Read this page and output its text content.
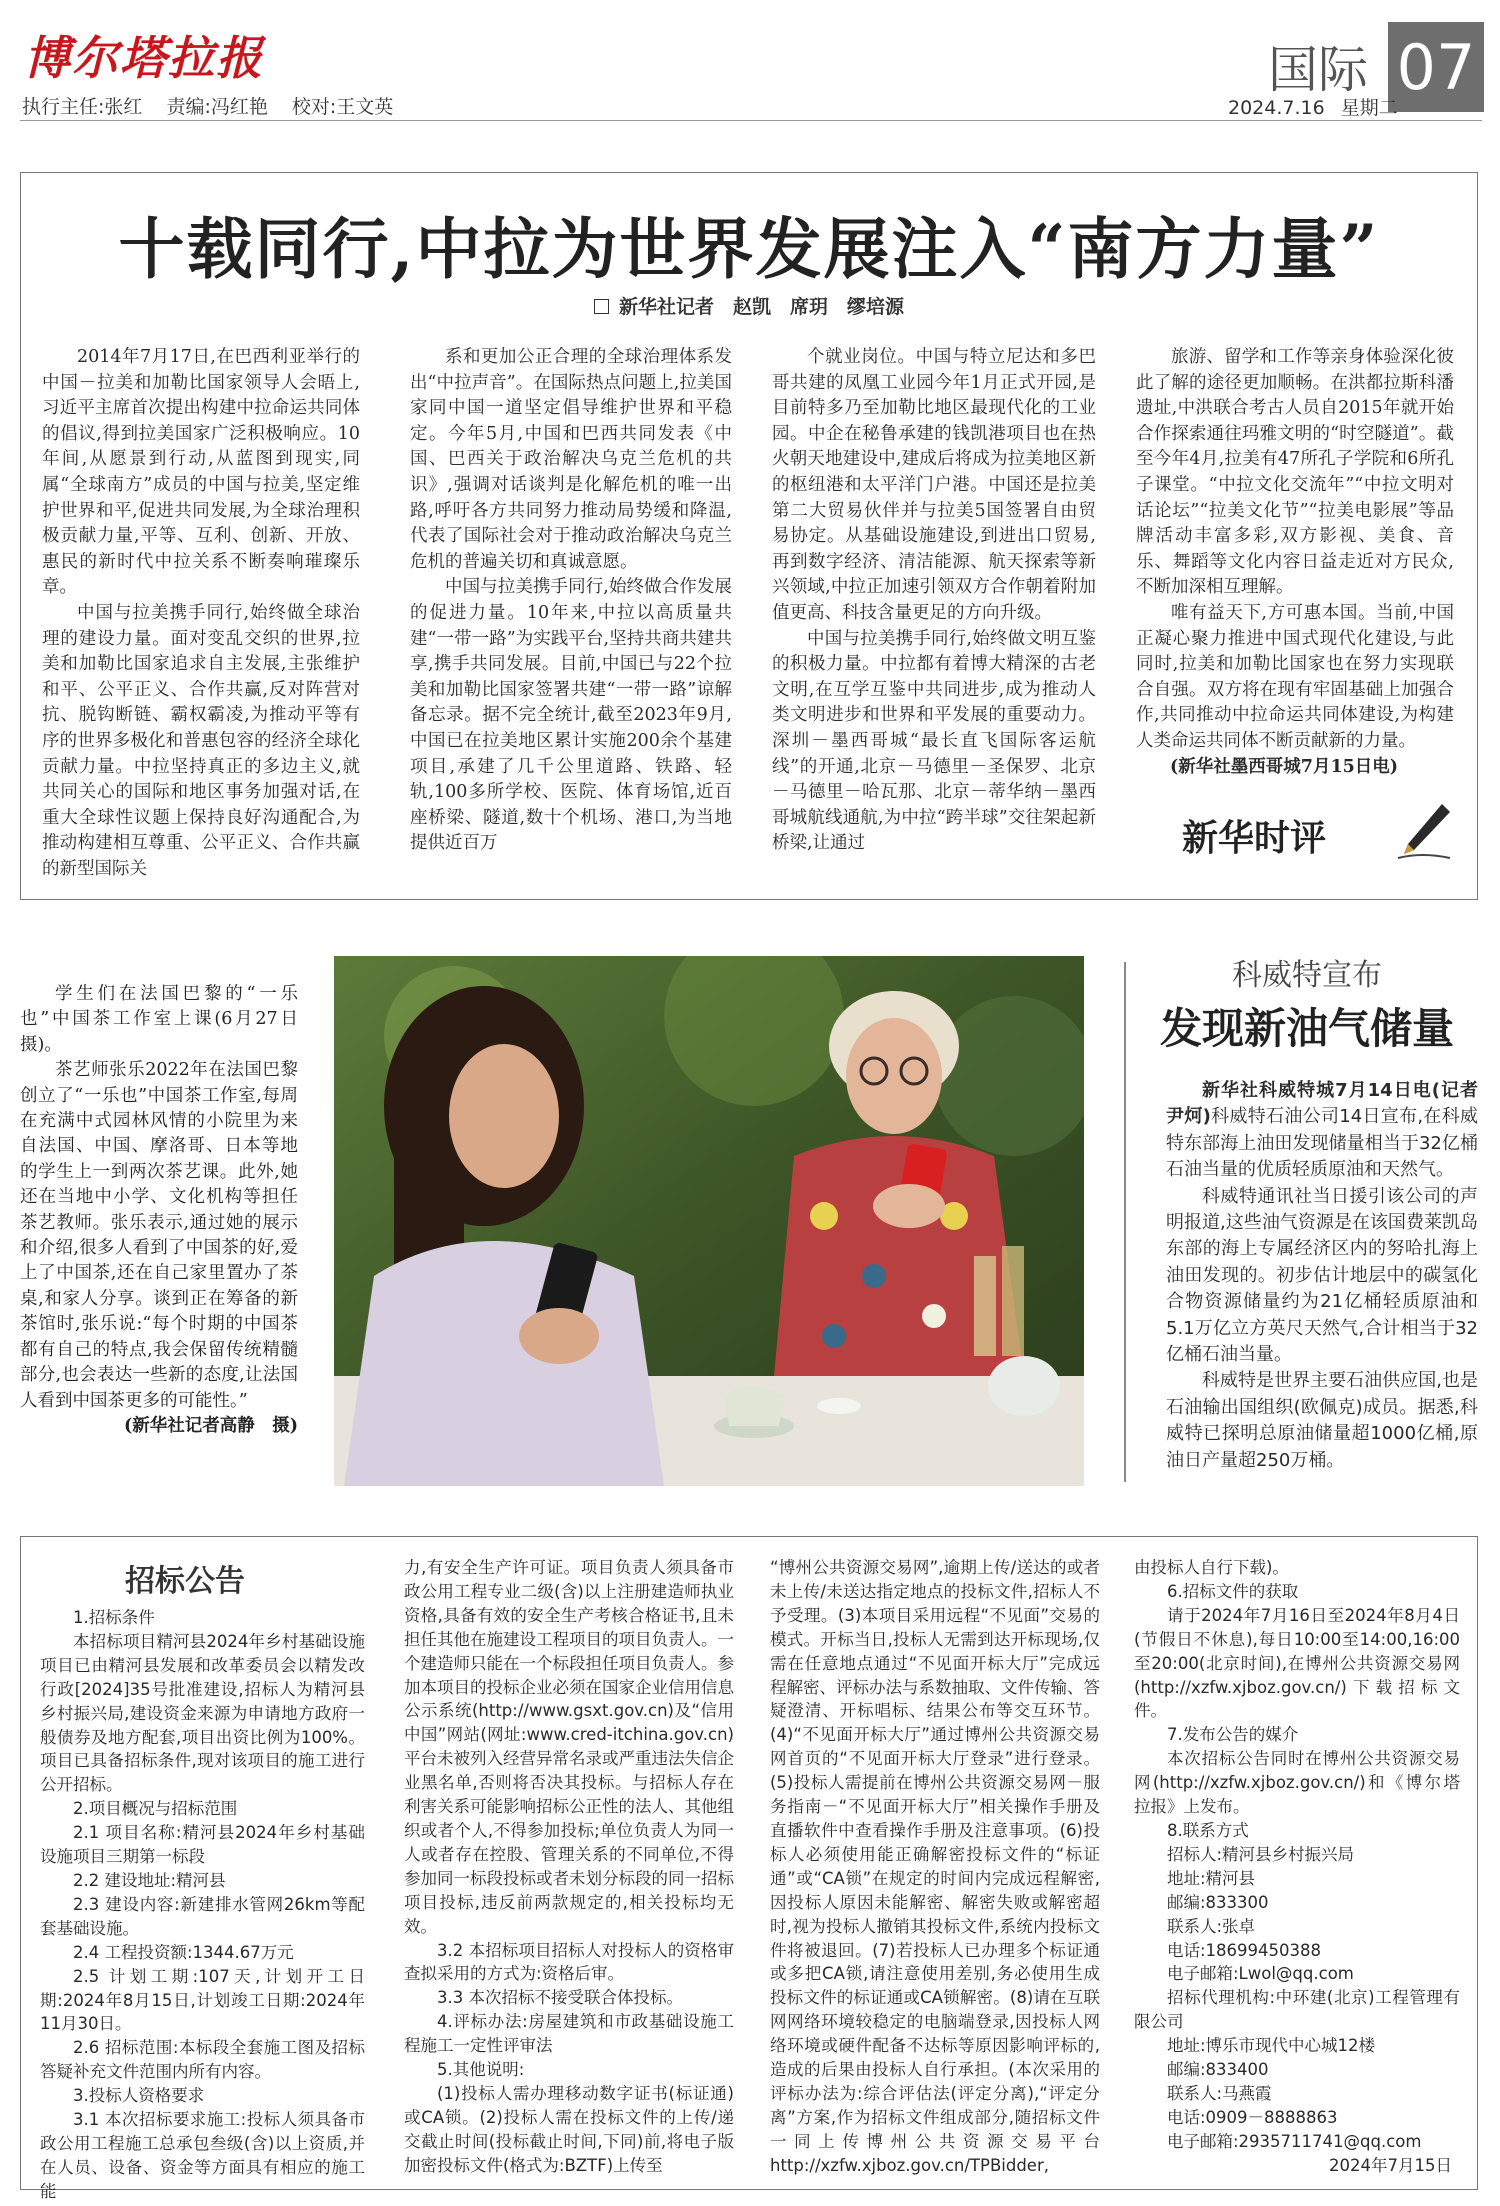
博尔塔拉报
执行主任:张红 责编:冯红艳 校对:王文英
国际 07
2024.7.16 星期二
十载同行,中拉为世界发展注入“南方力量”
新华社记者　赵凯　席玥　缪培源

2014年7月17日,在巴西利亚举行的中国－拉美和加勒比国家领导人会晤上,习近平主席首次提出构建中拉命运共同体的倡议,得到拉美国家广泛积极响应。10年间,从愿景到行动,从蓝图到现实,同属“全球南方”成员的中国与拉美,坚定维护世界和平,促进共同发展,为全球治理积极贡献力量,平等、互利、创新、开放、惠民的新时代中拉关系不断奏响璀璨乐章。

中国与拉美携手同行,始终做全球治理的建设力量。面对变乱交织的世界,拉美和加勒比国家追求自主发展,主张维护和平、公平正义、合作共赢,反对阵营对抗、脱钩断链、霸权霸凌,为推动平等有序的世界多极化和普惠包容的经济全球化贡献力量。中拉坚持真正的多边主义,就共同关心的国际和地区事务加强对话,在重大全球性议题上保持良好沟通配合,为推动构建相互尊重、公平正义、合作共赢的新型国际关

系和更加公正合理的全球治理体系发出“中拉声音”。在国际热点问题上,拉美国家同中国一道坚定倡导维护世界和平稳定。今年5月,中国和巴西共同发表《中国、巴西关于政治解决乌克兰危机的共识》,强调对话谈判是化解危机的唯一出路,呼吁各方共同努力推动局势缓和降温,代表了国际社会对于推动政治解决乌克兰危机的普遍关切和真诚意愿。

中国与拉美携手同行,始终做合作发展的促进力量。10年来,中拉以高质量共建“一带一路”为实践平台,坚持共商共建共享,携手共同发展。目前,中国已与22个拉美和加勒比国家签署共建“一带一路”谅解备忘录。据不完全统计,截至2023年9月,中国已在拉美地区累计实施200余个基建项目,承建了几千公里道路、铁路、轻轨,100多所学校、医院、体育场馆,近百座桥梁、隧道,数十个机场、港口,为当地提供近百万

个就业岗位。中国与特立尼达和多巴哥共建的凤凰工业园今年1月正式开园,是目前特多乃至加勒比地区最现代化的工业园。中企在秘鲁承建的钱凯港项目也在热火朝天地建设中,建成后将成为拉美地区新的枢纽港和太平洋门户港。中国还是拉美第二大贸易伙伴并与拉美5国签署自由贸易协定。从基础设施建设,到进出口贸易,再到数字经济、清洁能源、航天探索等新兴领域,中拉正加速引领双方合作朝着附加值更高、科技含量更足的方向升级。

中国与拉美携手同行,始终做文明互鉴的积极力量。中拉都有着博大精深的古老文明,在互学互鉴中共同进步,成为推动人类文明进步和世界和平发展的重要动力。深圳－墨西哥城“最长直飞国际客运航线”的开通,北京－马德里－圣保罗、北京－马德里－哈瓦那、北京－蒂华纳－墨西哥城航线通航,为中拉“跨半球”交往架起新桥梁,让通过

旅游、留学和工作等亲身体验深化彼此了解的途径更加顺畅。在洪都拉斯科潘遗址,中洪联合考古人员自2015年就开始合作探索通往玛雅文明的“时空隧道”。截至今年4月,拉美有47所孔子学院和6所孔子课堂。“中拉文化交流年”“中拉文明对话论坛”“拉美文化节”“拉美电影展”等品牌活动丰富多彩,双方影视、美食、音乐、舞蹈等文化内容日益走近对方民众,不断加深相互理解。

唯有益天下,方可惠本国。当前,中国正凝心聚力推进中国式现代化建设,与此同时,拉美和加勒比国家也在努力实现联合自强。双方将在现有牢固基础上加强合作,共同推动中拉命运共同体建设,为构建人类命运共同体不断贡献新的力量。

(新华社墨西哥城7月15日电)

新华时评

学生们在法国巴黎的“一乐也”中国茶工作室上课(6月27日摄)。

茶艺师张乐2022年在法国巴黎创立了“一乐也”中国茶工作室,每周在充满中式园林风情的小院里为来自法国、中国、摩洛哥、日本等地的学生上一到两次茶艺课。此外,她还在当地中小学、文化机构等担任茶艺教师。张乐表示,通过她的展示和介绍,很多人看到了中国茶的好,爱上了中国茶,还在自己家里置办了茶桌,和家人分享。谈到正在筹备的新茶馆时,张乐说:“每个时期的中国茶都有自己的特点,我会保留传统精髓部分,也会表达一些新的态度,让法国人看到中国茶更多的可能性。”

(新华社记者高静　摄)

科威特宣布
发现新油气储量

新华社科威特城7月14日电(记者尹炣)科威特石油公司14日宣布,在科威特东部海上油田发现储量相当于32亿桶石油当量的优质轻质原油和天然气。

科威特通讯社当日援引该公司的声明报道,这些油气资源是在该国费莱凯岛东部的海上专属经济区内的努哈扎海上油田发现的。初步估计地层中的碳氢化合物资源储量约为21亿桶轻质原油和5.1万亿立方英尺天然气,合计相当于32亿桶石油当量。

科威特是世界主要石油供应国,也是石油输出国组织(欧佩克)成员。据悉,科威特已探明总原油储量超1000亿桶,原油日产量超250万桶。

招标公告

1.招标条件

本招标项目精河县2024年乡村基础设施项目已由精河县发展和改革委员会以精发改行政[2024]35号批准建设,招标人为精河县乡村振兴局,建设资金来源为申请地方政府一般债券及地方配套,项目出资比例为100%。项目已具备招标条件,现对该项目的施工进行公开招标。

2.项目概况与招标范围

2.1 项目名称:精河县2024年乡村基础设施项目三期第一标段

2.2 建设地址:精河县

2.3 建设内容:新建排水管网26km等配套基础设施。

2.4 工程投资额:1344.67万元

2.5 计划工期:107天,计划开工日期:2024年8月15日,计划竣工日期:2024年11月30日。

2.6 招标范围:本标段全套施工图及招标答疑补充文件范围内所有内容。

3.投标人资格要求

3.1 本次招标要求施工:投标人须具备市政公用工程施工总承包叁级(含)以上资质,并在人员、设备、资金等方面具有相应的施工能

力,有安全生产许可证。项目负责人须具备市政公用工程专业二级(含)以上注册建造师执业资格,具备有效的安全生产考核合格证书,且未担任其他在施建设工程项目的项目负责人。一个建造师只能在一个标段担任项目负责人。参加本项目的投标企业必须在国家企业信用信息公示系统(http://www.gsxt.gov.cn)及“信用中国”网站(网址:www.cred-itchina.gov.cn)平台未被列入经营异常名录或严重违法失信企业黑名单,否则将否决其投标。与招标人存在利害关系可能影响招标公正性的法人、其他组织或者个人,不得参加投标;单位负责人为同一人或者存在控股、管理关系的不同单位,不得参加同一标段投标或者未划分标段的同一招标项目投标,违反前两款规定的,相关投标均无效。

3.2 本招标项目招标人对投标人的资格审查拟采用的方式为:资格后审。

3.3 本次招标不接受联合体投标。

4.评标办法:房屋建筑和市政基础设施工程施工一定性评审法

5.其他说明:

(1)投标人需办理移动数字证书(标证通)或CA锁。(2)投标人需在投标文件的上传/递交截止时间(投标截止时间,下同)前,将电子版加密投标文件(格式为:BZTF)上传至

“博州公共资源交易网”,逾期上传/送达的或者未上传/未送达指定地点的投标文件,招标人不予受理。(3)本项目采用远程“不见面”交易的模式。开标当日,投标人无需到达开标现场,仅需在任意地点通过“不见面开标大厅”完成远程解密、评标办法与系数抽取、文件传输、答疑澄清、开标唱标、结果公布等交互环节。(4)“不见面开标大厅”通过博州公共资源交易网首页的“不见面开标大厅登录”进行登录。(5)投标人需提前在博州公共资源交易网－服务指南－“不见面开标大厅”相关操作手册及直播软件中查看操作手册及注意事项。(6)投标人必须使用能正确解密投标文件的“标证通”或“CA锁”在规定的时间内完成远程解密,因投标人原因未能解密、解密失败或解密超时,视为投标人撤销其投标文件,系统内投标文件将被退回。(7)若投标人已办理多个标证通或多把CA锁,请注意使用差别,务必使用生成投标文件的标证通或CA锁解密。(8)请在互联网网络环境较稳定的电脑端登录,因投标人网络环境或硬件配备不达标等原因影响评标的,造成的后果由投标人自行承担。(本次采用的评标办法为:综合评估法(评定分离),“评定分离”方案,作为招标文件组成部分,随招标文件一同上传博州公共资源交易平台　http://xzfw.xjboz.gov.cn/TPBidder,

由投标人自行下载)。

6.招标文件的获取

请于2024年7月16日至2024年8月4日(节假日不休息),每日10:00至14:00,16:00至20:00(北京时间),在博州公共资源交易网(http://xzfw.xjboz.gov.cn/)下载招标文件。

7.发布公告的媒介

本次招标公告同时在博州公共资源交易网(http://xzfw.xjboz.gov.cn/)和《博尔塔拉报》上发布。

8.联系方式

招标人:精河县乡村振兴局

地址:精河县

邮编:833300

联系人:张卓

电话:18699450388

电子邮箱:Lwol@qq.com

招标代理机构:中环建(北京)工程管理有限公司

地址:博乐市现代中心城12楼

邮编:833400

联系人:马燕霞

电话:0909－8888863

电子邮箱:2935711741@qq.com

2024年7月15日
